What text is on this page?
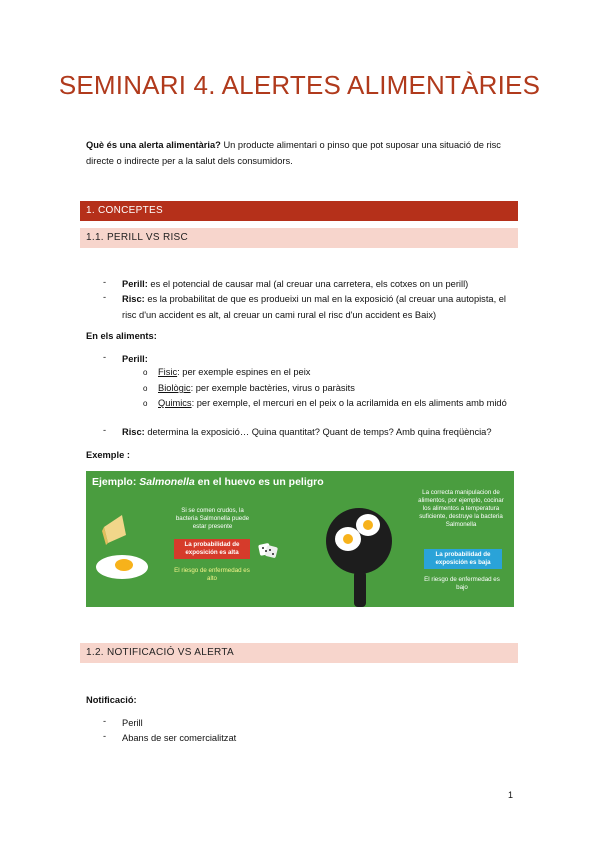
SEMINARI 4. ALERTES ALIMENTÀRIES
Què és una alerta alimentària? Un producte alimentari o pinso que pot suposar una situació de risc directe o indirecte per a la salut dels consumidors.
1. CONCEPTES
1.1. PERILL VS RISC
- Perill: es el potencial de causar mal (al creuar una carretera, els cotxes on un perill)
- Risc: es la probabilitat de que es produeixi un mal en la exposició (al creuar una autopista, el risc d'un accident es alt, al creuar un cami rural el risc d'un accident es Baix)
En els aliments:
- Perill:
o Fisic: per exemple espines en el peix
o Biològic: per exemple bactèries, virus o paràsits
o Quimics: per exemple, el mercuri en el peix o la acrilamida en els aliments amb midó
- Risc: determina la exposició… Quina quantitat? Quant de temps? Amb quina freqüència?
Exemple :
Ejemplo: Salmonella en el huevo es un peligro
Si se comen crudos, la bacteria Salmonella puede estar presente
La probabilidad de exposición es alta
El riesgo de enfermedad es alto
La correcta manipulacion de alimentos, por ejemplo, cocinar los alimentos a temperatura suficiente, destruye la bacteria Salmonella
La probabilidad de exposición es baja
El riesgo de enfermedad es bajo
1.2. NOTIFICACIÓ VS ALERTA
Notificació:
- Perill
- Abans de ser comercialitzat
1
